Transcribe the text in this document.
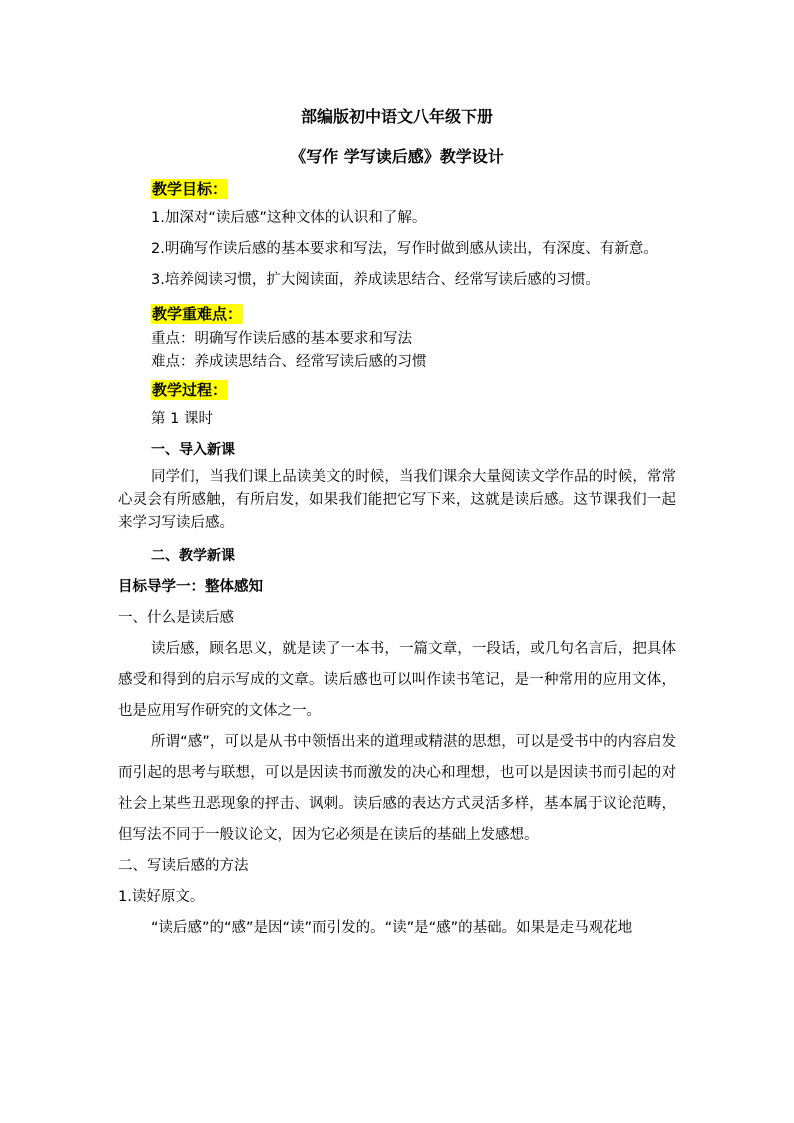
部编版初中语文八年级下册

《写作 学写读后感》教学设计

教学目标：

1.加深对“读后感”这种文体的认识和了解。

2.明确写作读后感的基本要求和写法，写作时做到感从读出，有深度、有新意。

3.培养阅读习惯，扩大阅读面，养成读思结合、经常写读后感的习惯。

教学重难点：

重点：明确写作读后感的基本要求和写法

难点：养成读思结合、经常写读后感的习惯

教学过程：

第 1 课时

一、导入新课

同学们，当我们课上品读美文的时候，当我们课余大量阅读文学作品的时候，常常心灵会有所感触，有所启发，如果我们能把它写下来，这就是读后感。这节课我们一起来学习写读后感。

二、教学新课

目标导学一：整体感知

一、什么是读后感

读后感，顾名思义，就是读了一本书，一篇文章，一段话，或几句名言后，把具体感受和得到的启示写成的文章。读后感也可以叫作读书笔记，是一种常用的应用文体，也是应用写作研究的文体之一。

所谓“感”，可以是从书中领悟出来的道理或精湛的思想，可以是受书中的内容启发而引起的思考与联想，可以是因读书而激发的决心和理想，也可以是因读书而引起的对社会上某些丑恶现象的抨击、讽刺。读后感的表达方式灵活多样，基本属于议论范畴，但写法不同于一般议论文，因为它必须是在读后的基础上发感想。

二、写读后感的方法

1.读好原文。

“读后感”的“感”是因“读”而引发的。“读”是“感”的基础。如果是走马观花地
